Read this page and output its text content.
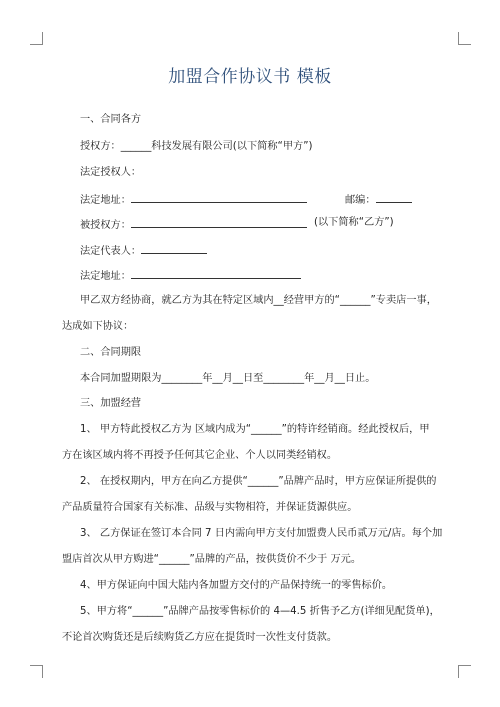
加盟合作协议书 模板
一、合同各方
授权方：______科技发展有限公司(以下简称“甲方”)
法定授权人：
法定地址：	邮编：
被授权方：	(以下简称“乙方”)
法定代表人：
法定地址：
甲乙双方经协商，就乙方为其在特定区域内__经营甲方的“______”专卖店一事，
达成如下协议：
二、合同期限
本合同加盟期限为________年__月__日至________年__月__日止。
三、加盟经营
1、 甲方特此授权乙方为 区域内成为“______”的特许经销商。经此授权后，甲
方在该区域内将不再授予任何其它企业、个人以同类经销权。
2、 在授权期内，甲方在向乙方提供“______”品牌产品时，甲方应保证所提供的
产品质量符合国家有关标准、品级与实物相符，并保证货源供应。
3、 乙方保证在签订本合同 7 日内需向甲方支付加盟费人民币贰万元/店。每个加
盟店首次从甲方购进“______”品牌的产品，按供货价不少于 万元。
4、甲方保证向中国大陆内各加盟方交付的产品保持统一的零售标价。
5、甲方将“______”品牌产品按零售标价的 4—4.5 折售予乙方(详细见配货单)，
不论首次购货还是后续购货乙方应在提货时一次性支付货款。
